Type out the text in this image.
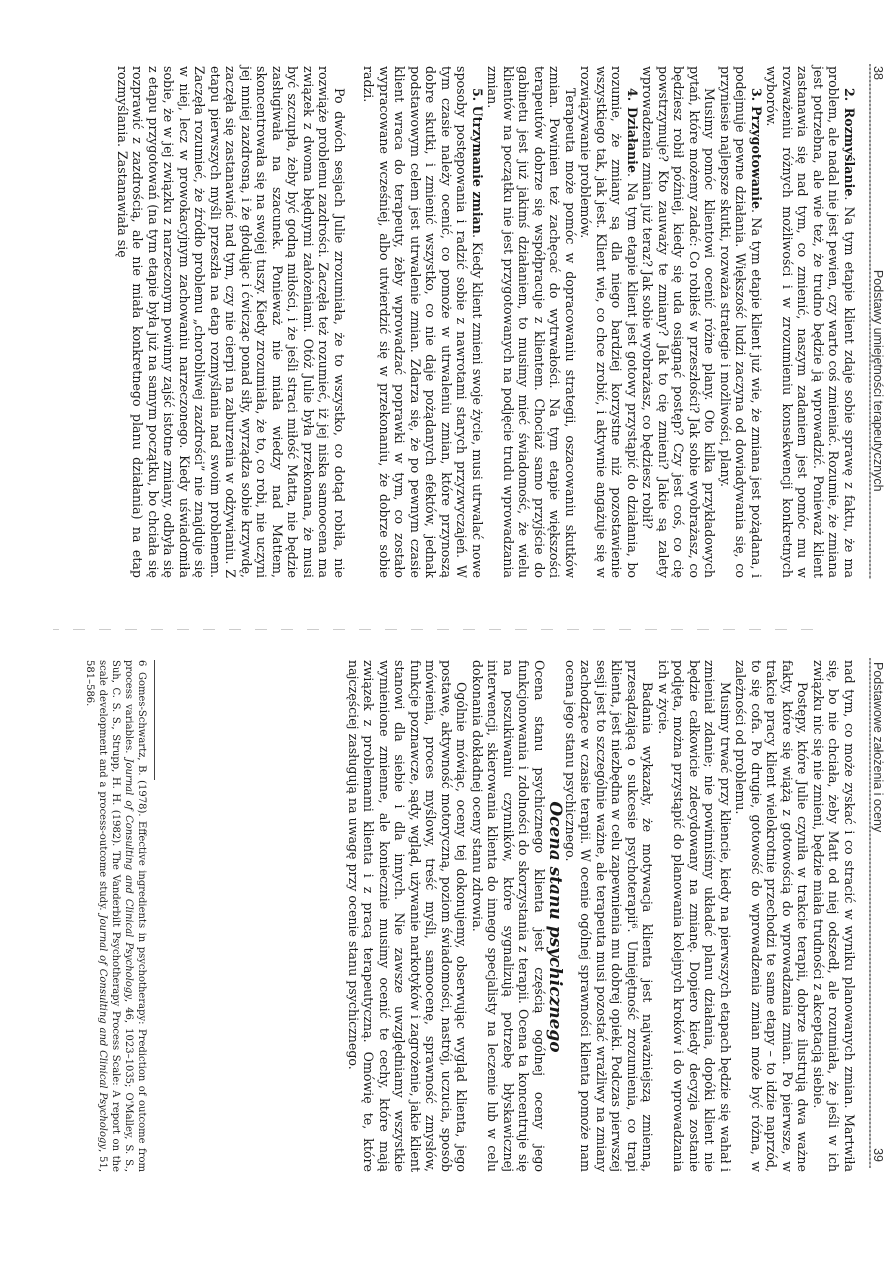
38
Podstawy umiejętności terapeutycznych

2. Rozmyślanie. Na tym etapie klient zdaje sobie sprawę z faktu, że ma problem, ale nadal nie jest pewien, czy warto coś zmieniać. Rozumie, że zmiana jest potrzebna, ale wie też, że trudno będzie ją wprowadzić. Ponieważ klient zastanawia się nad tym, co zmienić, naszym zadaniem jest pomóc mu w rozważeniu różnych możliwości i w zrozumieniu konsekwencji konkretnych wyborów.

3. Przygotowanie. Na tym etapie klient już wie, że zmiana jest pożądana, i podejmuje pewne działania. Większość ludzi zaczyna od dowiadywania się, co przyniesie najlepsze skutki, rozważa strategie i możliwości, plany.

Musimy pomóc klientowi ocenić różne plany. Oto kilka przykładowych pytań, które możemy zadać: Co robiłeś w przeszłości? Jak sobie wyobrażasz, co będziesz robił później, kiedy się uda osiągnąć postęp? Czy jest coś, co cię powstrzymuje? Kto zauważy te zmiany? Jak to cię zmieni? Jakie są zalety wprowadzenia zmian już teraz? Jak sobie wyobrażasz, co będziesz robił?

4. Działanie. Na tym etapie klient jest gotowy przystąpić do działania, bo rozumie, że zmiany są dla niego bardziej korzystne niż pozostawienie wszystkiego tak, jak jest. Klient wie, co chce zrobić, i aktywnie angażuje się w rozwiązywanie problemów.

Terapeuta może pomóc w dopracowaniu strategii, oszacowaniu skutków zmian. Powinien też zachęcać do wytrwałości. Na tym etapie większości terapeutów dobrze się współpracuje z klientem. Chociaż samo przyjście do gabinetu jest już jakimś działaniem, to musimy mieć świadomość, że wielu klientów na początku nie jest przygotowanych na podjęcie trudu wprowadzania zmian.

5. Utrzymanie zmian. Kiedy klient zmieni swoje życie, musi utrwalać nowe sposoby postępowania i radzić sobie z nawrotami starych przyzwyczajeń. W tym czasie należy ocenić, co pomoże w utrwaleniu zmian, które przynoszą dobre skutki, i zmienić wszystko, co nie daje pożądanych efektów, jednak podstawowym celem jest utrwalenie zmian. Zdarza się, że po pewnym czasie klient wraca do terapeuty, żeby wprowadzać poprawki w tym, co zostało wypracowane wcześniej, albo utwierdzić się w przekonaniu, że dobrze sobie radzi.

Po dwóch sesjach Julie zrozumiała, że to wszystko, co dotąd robiła, nie rozwiąże problemu zazdrości. Zaczęła też rozumieć, iż jej niska samoocena ma związek z dwoma błędnymi założeniami. Otóż Julie była przekonana, że musi być szczupła, żeby być godną miłości, i że jeśli straci miłość Matta, nie będzie zasługiwała na szacunek. Ponieważ nie miała wiedzy nad Mattem, skoncentrowała się na swojej tuszy. Kiedy zrozumiała, że to, co robi, nie uczyni jej mniej zazdrosną, i że głodując i ćwicząc ponad siły, wyrządza sobie krzywdę, zaczęła się zastanawiać nad tym, czy nie cierpi na zaburzenia w odżywianiu. Z etapu pierwszych myśli przeszła na etap rozmyślania nad swoim problemem. Zaczęła rozumieć, że źródło problemu „chorobliwej zazdrości” nie znajduje się w niej, lecz w prowokacyjnym zachowaniu narzeczonego. Kiedy uświadomiła sobie, że w jej związku z narzeczonym powinny zajść istotne zmiany, odbyła się z etapu przygotowań (na tym etapie była już na samym początku, bo chciała się rozprawić z zazdrością, ale nie miała konkretnego planu działania) na etap rozmyślania. Zastanawiała się

Podstawowe założenia i oceny
39

nad tym, co może zyskać i co stracić w wyniku planowanych zmian. Martwiła się, bo nie chciała, żeby Matt od niej odszedł, ale rozumiała, że jeśli w ich związku nic się nie zmieni, będzie miała trudności z akceptacją siebie.

Postępy, które Julie czyniła w trakcie terapii, dobrze ilustrują dwa ważne fakty, które się wiążą z gotowością do wprowadzania zmian. Po pierwsze, w trakcie pracy klient wielokrotnie przechodzi te same etapy – to idzie naprzód, to się cofa. Po drugie, gotowość do wprowadzenia zmian może być różna, w zależności od problemu.

Musimy trwać przy kliencie, kiedy na pierwszych etapach będzie się wahał i zmieniał zdanie; nie powinniśmy układać planu działania, dopóki klient nie będzie całkowicie zdecydowany na zmianę. Dopiero kiedy decyzja zostanie podjęta, można przystąpić do planowania kolejnych kroków i do wprowadzania ich w życie.

Badania wykazały, że motywacja klienta jest najważniejszą zmienną, przesądzającą o sukcesie psychoterapii⁶. Umiejętność zrozumienia, co trapi klienta, jest niezbędna w celu zapewnienia mu dobrej opieki. Podczas pierwszej sesji jest to szczególnie ważne, ale terapeuta musi pozostać wrażliwy na zmiany zachodzące w czasie terapii. W ocenie ogólnej sprawności klienta pomoże nam ocena jego stanu psychicznego.

Ocena stanu psychicznego

Ocena stanu psychicznego klienta jest częścią ogólnej oceny jego funkcjonowania i zdolności do skorzystania z terapii. Ocena ta koncentruje się na poszukiwaniu czynników, które sygnalizują potrzebę błyskawicznej interwencji, skierowania klienta do innego specjalisty na leczenie lub w celu dokonania dokładnej oceny stanu zdrowia.

Ogólnie mówiąc, oceny tej dokonujemy, obserwując wygląd klienta, jego postawę, aktywność motoryczną, poziom świadomości, nastrój, uczucia, sposób mówienia, proces myślowy, treść myśli, samoocenę, sprawność zmysłów, funkcje poznawcze, sądy, wgląd, używanie narkotyków i zagrożenie, jakie klient stanowi dla siebie i dla innych. Nie zawsze uwzględniamy wszystkie wymienione zmienne, ale koniecznie musimy ocenić te cechy, które mają związek z problemami klienta i z pracą terapeutyczną. Omówię te, które najczęściej zasługują na uwagę przy ocenie stanu psychicznego.

6Gomes-Schwartz, B. (1978). Effective ingredients in psychotherapy: Prediction of outcome from process variables. Journal of Consulting and Clinical Psychology, 46, 1023–1035; O'Malley, S. S., Suh, C. S. S., Strupp, H. H. (1982). The Vanderbilt Psychotherapy Process Scale: A report on the scale development and a process-outcome study. Journal of Consulting and Clinical Psychology, 51, 581–586.
